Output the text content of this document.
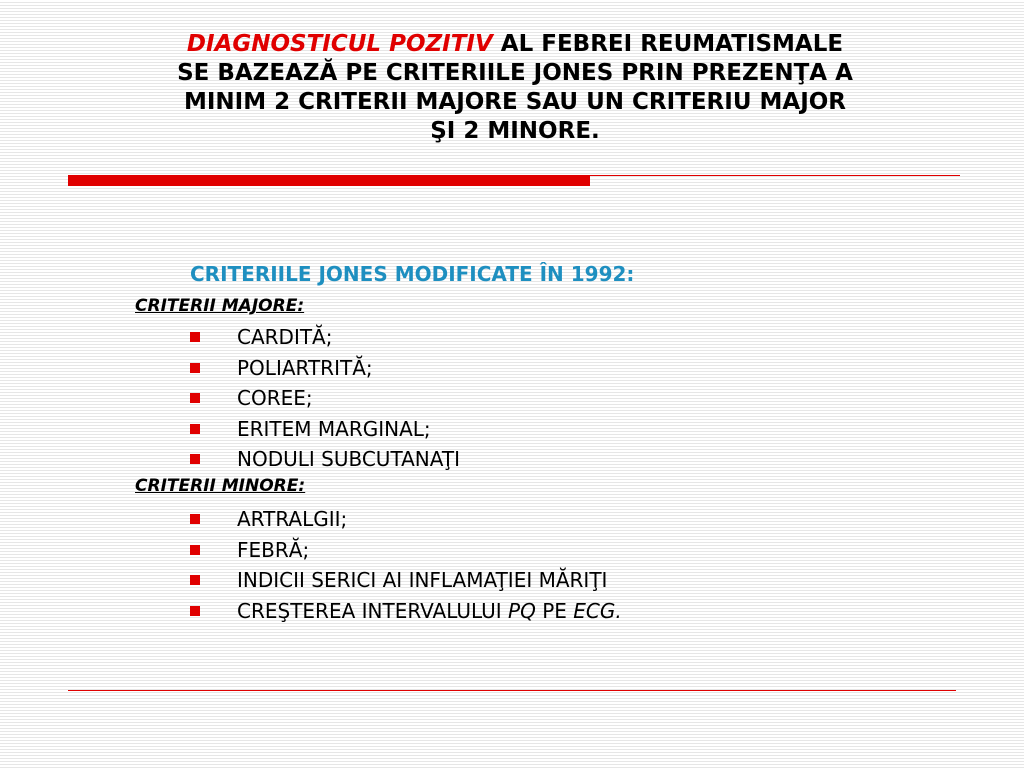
DIAGNOSTICUL POZITIV AL FEBREI REUMATISMALE
SE BAZEAZĂ PE CRITERIILE JONES PRIN PREZENŢA A
MINIM 2 CRITERII MAJORE SAU UN CRITERIU MAJOR
ŞI 2 MINORE.
CRITERIILE JONES MODIFICATE ÎN 1992:
CRITERII MAJORE:
CARDITĂ;
POLIARTRITĂ;
COREE;
ERITEM MARGINAL;
NODULI SUBCUTANAŢI
CRITERII MINORE:
ARTRALGII;
FEBRĂ;
INDICII SERICI AI INFLAMAŢIEI MĂRIŢI
CREŞTEREA INTERVALULUI PQ PE ECG.
